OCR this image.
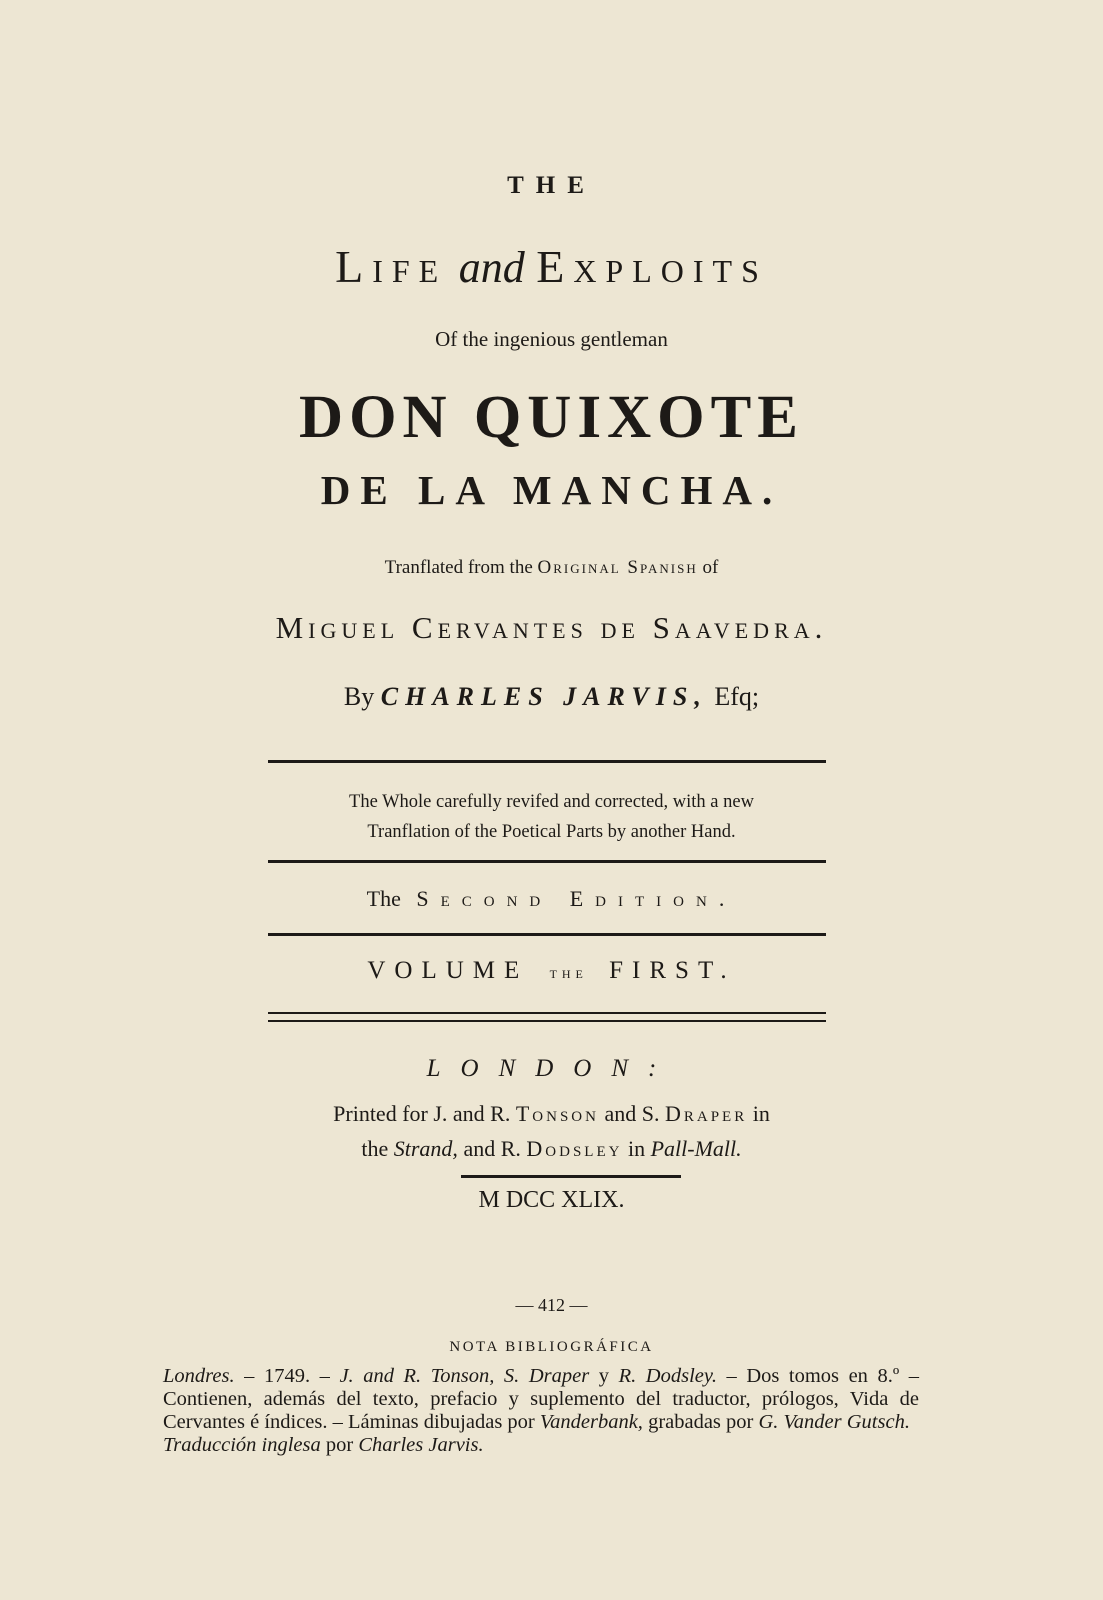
THE
Life and Exploits
Of the ingenious gentleman
DON QUIXOTE
DE LA MANCHA.
Tranflated from the Original Spanish of
Miguel Cervantes de Saavedra.
By CHARLES JARVIS, Efq;
The Whole carefully revifed and corrected, with a new
Tranflation of the Poetical Parts by another Hand.
The Second Edition.
VOLUME the FIRST.
LONDON:
Printed for J. and R. Tonson and S. Draper in
the Strand, and R. Dodsley in Pall-Mall.
M DCC XLIX.
— 412 —
NOTA BIBLIOGRÁFICA

Londres. – 1749. – J. and R. Tonson, S. Draper y R. Dodsley. – Dos tomos en 8.º – Contienen, además del texto, prefacio y suplemento del traductor, prólogos, Vida de Cervantes é índices. – Láminas dibujadas por Vanderbank, grabadas por G. Vander Gutsch.

Traducción inglesa por Charles Jarvis.
